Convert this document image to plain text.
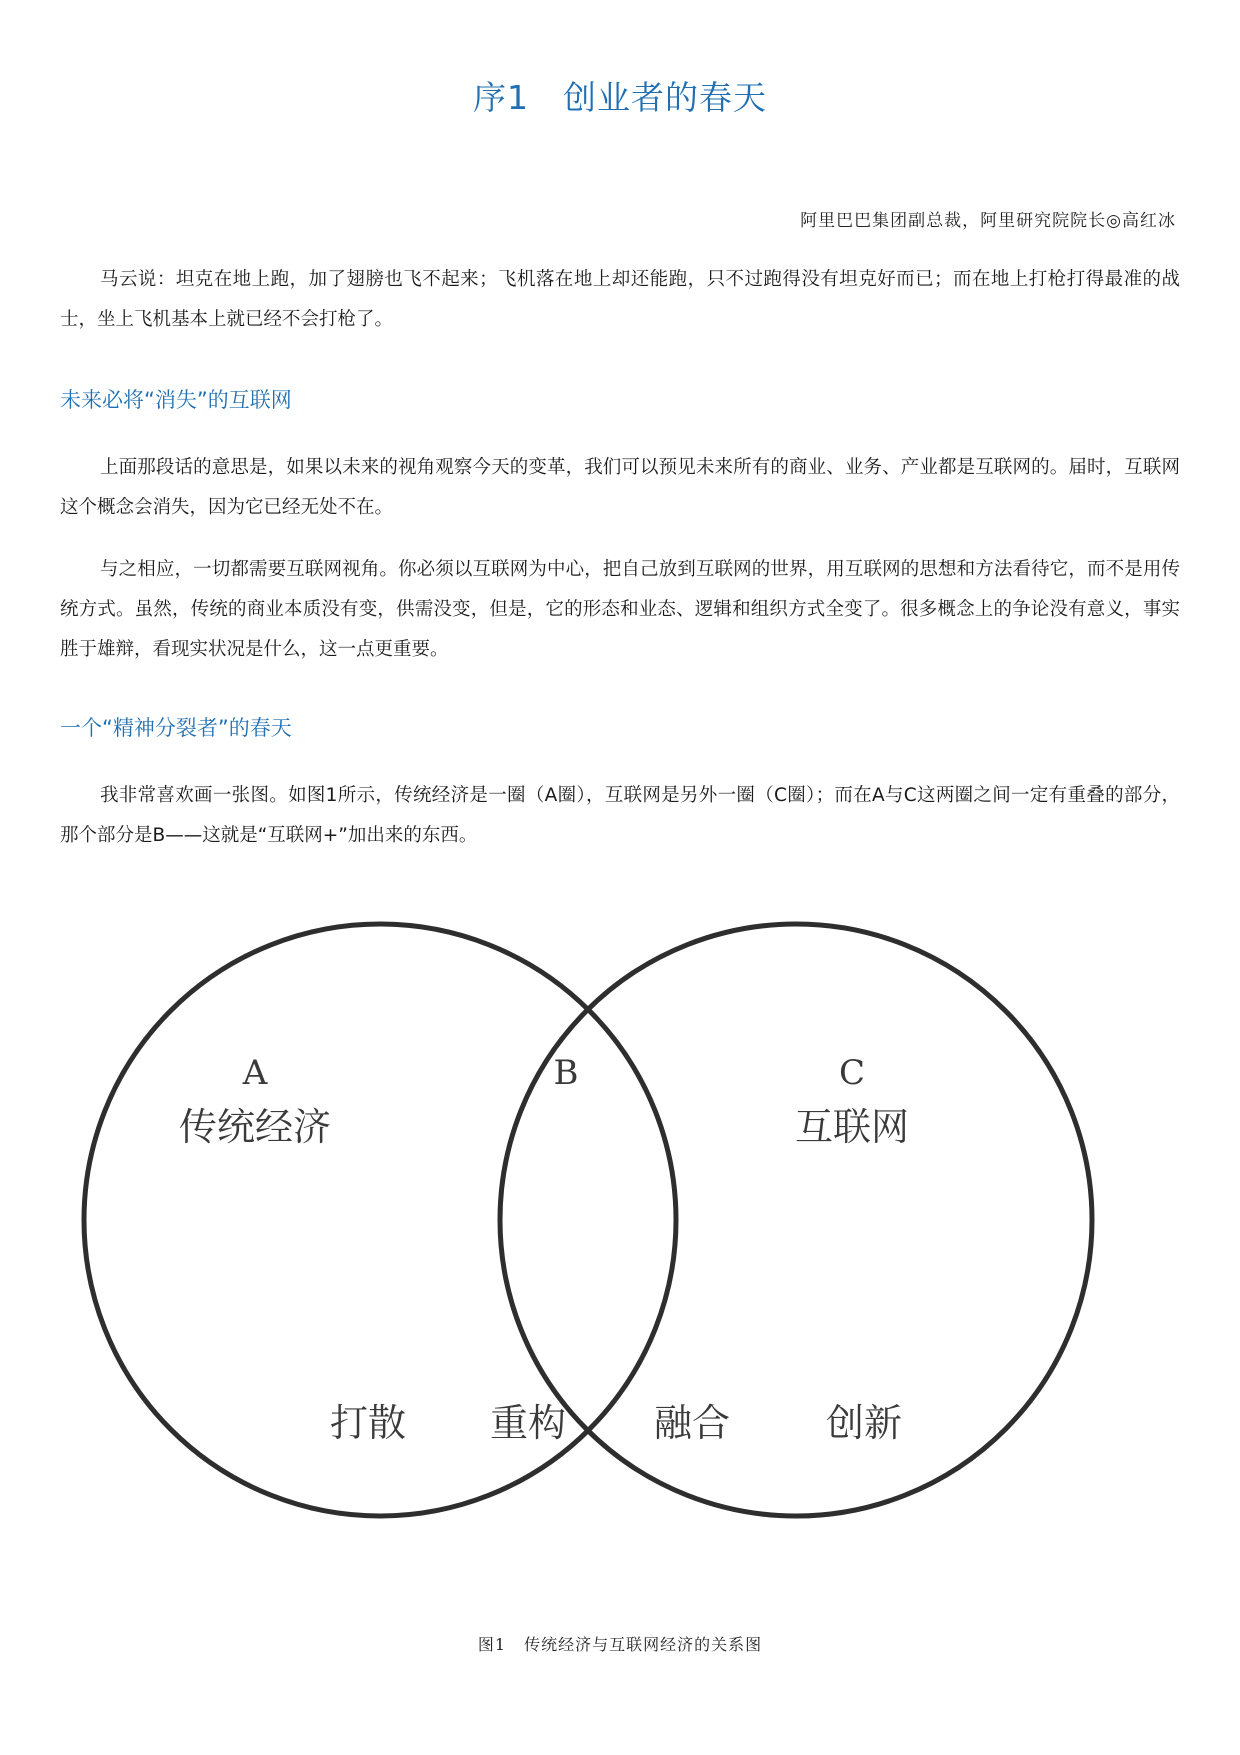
序1　创业者的春天
阿里巴巴集团副总裁，阿里研究院院长◎高红冰

马云说：坦克在地上跑，加了翅膀也飞不起来；飞机落在地上却还能跑，只不过跑得没有坦克好而已；而在地上打枪打得最准的战士，坐上飞机基本上就已经不会打枪了。

未来必将“消失”的互联网

上面那段话的意思是，如果以未来的视角观察今天的变革，我们可以预见未来所有的商业、业务、产业都是互联网的。届时，互联网这个概念会消失，因为它已经无处不在。

与之相应，一切都需要互联网视角。你必须以互联网为中心，把自己放到互联网的世界，用互联网的思想和方法看待它，而不是用传统方式。虽然，传统的商业本质没有变，供需没变，但是，它的形态和业态、逻辑和组织方式全变了。很多概念上的争论没有意义，事实胜于雄辩，看现实状况是什么，这一点更重要。

一个“精神分裂者”的春天

我非常喜欢画一张图。如图1所示，传统经济是一圈（A圈），互联网是另外一圈（C圈）；而在A与C这两圈之间一定有重叠的部分，那个部分是B——这就是“互联网+”加出来的东西。

A
传统经济
B	C
互联网
打散 重构 融合	创新
图1 传统经济与互联网经济的关系图
